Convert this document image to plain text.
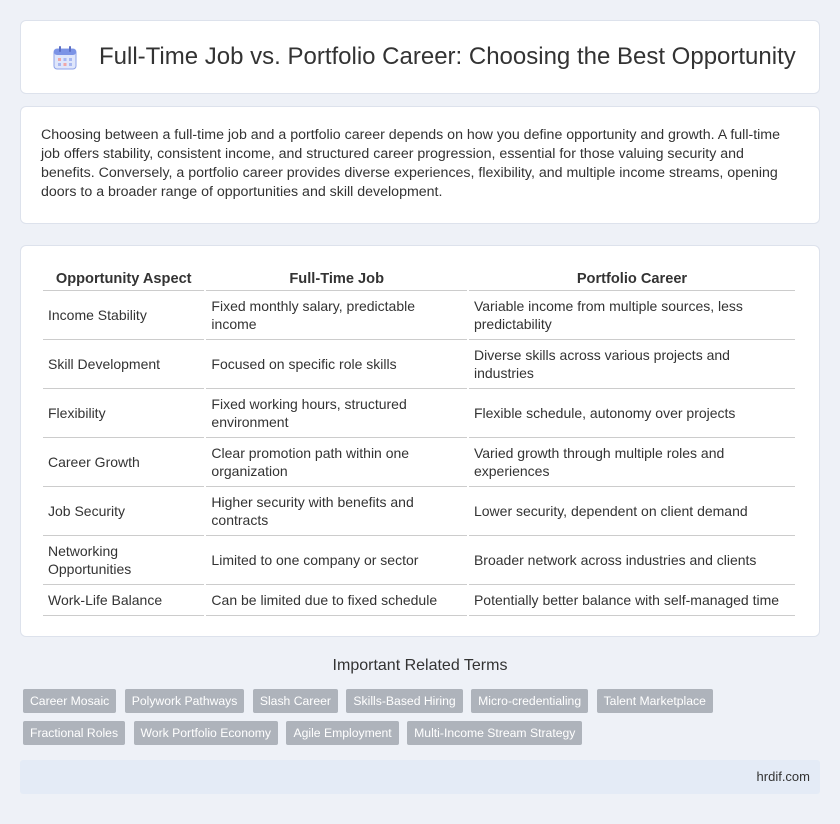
Full-Time Job vs. Portfolio Career: Choosing the Best Opportunity

Choosing between a full-time job and a portfolio career depends on how you define opportunity and growth. A full-time job offers stability, consistent income, and structured career progression, essential for those valuing security and benefits. Conversely, a portfolio career provides diverse experiences, flexibility, and multiple income streams, opening doors to a broader range of opportunities and skill development.

Opportunity Aspect	Full-Time Job	Portfolio Career
Income Stability	Fixed monthly salary, predictable income	Variable income from multiple sources, less predictability
Skill Development	Focused on specific role skills	Diverse skills across various projects and industries
Flexibility	Fixed working hours, structured environment	Flexible schedule, autonomy over projects
Career Growth	Clear promotion path within one organization	Varied growth through multiple roles and experiences
Job Security	Higher security with benefits and contracts	Lower security, dependent on client demand
Networking Opportunities	Limited to one company or sector	Broader network across industries and clients
Work-Life Balance	Can be limited due to fixed schedule	Potentially better balance with self-managed time
Important Related Terms
Career Mosaic Polywork Pathways Slash Career Skills-Based Hiring Micro-credentialing Talent Marketplace Fractional Roles Work Portfolio Economy Agile Employment Multi-Income Stream Strategy
hrdif.com
